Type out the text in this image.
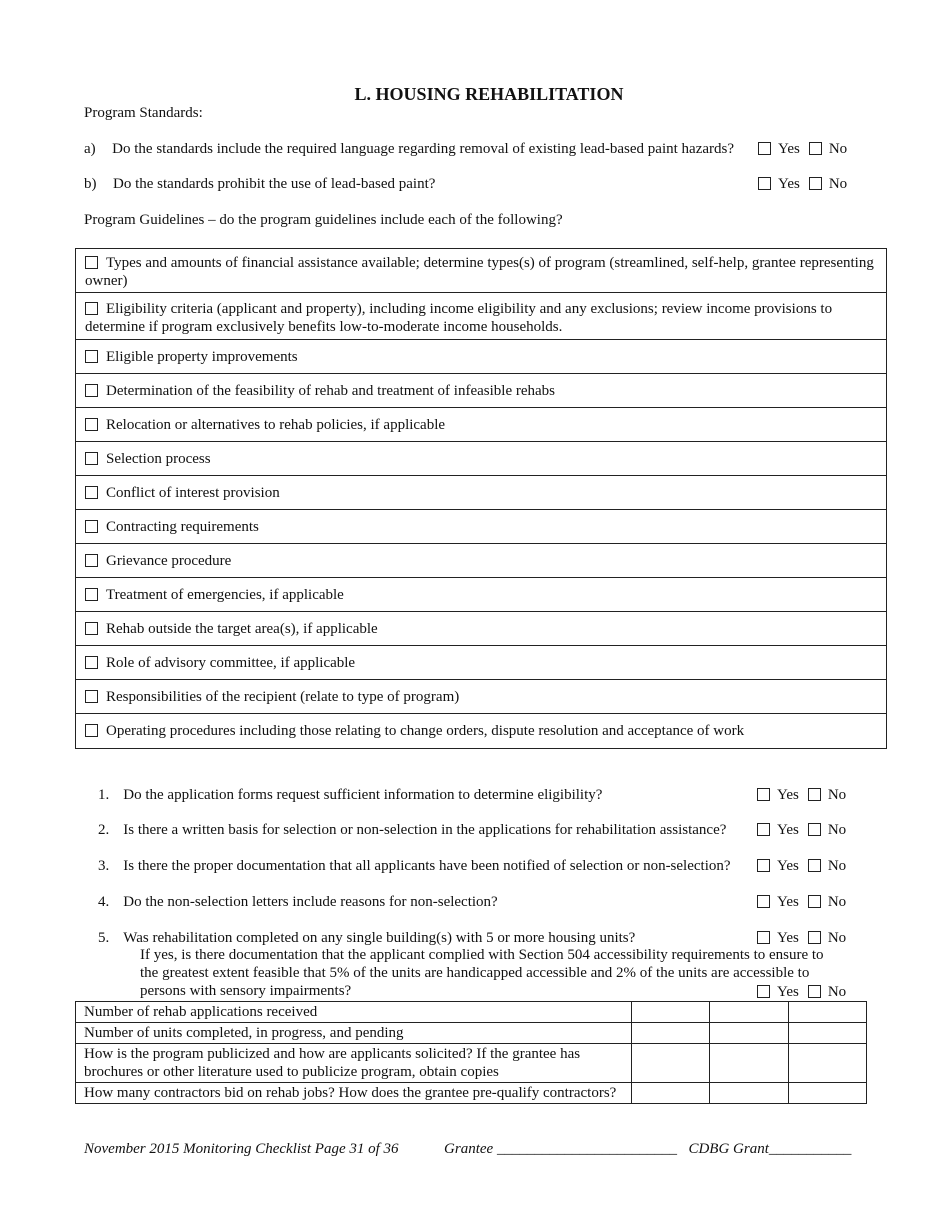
L. HOUSING REHABILITATION
Program Standards:
a) Do the standards include the required language regarding removal of existing lead-based paint hazards?	Yes No
b) Do the standards prohibit the use of lead-based paint?	Yes No
Program Guidelines – do the program guidelines include each of the following?
Types and amounts of financial assistance available; determine types(s) of program (streamlined, self-help, grantee representing owner)
Eligibility criteria (applicant and property), including income eligibility and any exclusions; review income provisions to determine if program exclusively benefits low-to-moderate income households.
Eligible property improvements
Determination of the feasibility of rehab and treatment of infeasible rehabs
Relocation or alternatives to rehab policies, if applicable
Selection process
Conflict of interest provision
Contracting requirements
Grievance procedure
Treatment of emergencies, if applicable
Rehab outside the target area(s), if applicable
Role of advisory committee, if applicable
Responsibilities of the recipient (relate to type of program)
Operating procedures including those relating to change orders, dispute resolution and acceptance of work
1. Do the application forms request sufficient information to determine eligibility?	Yes No
2. Is there a written basis for selection or non-selection in the applications for rehabilitation assistance?	Yes No
3. Is there the proper documentation that all applicants have been notified of selection or non-selection?	Yes No
4. Do the non-selection letters include reasons for non-selection?	Yes No
5. Was rehabilitation completed on any single building(s) with 5 or more housing units?	Yes No
If yes, is there documentation that the applicant complied with Section 504 accessibility requirements to ensure to
the greatest extent feasible that 5% of the units are handicapped accessible and 2% of the units are accessible to
persons with sensory impairments?	Yes No
Number of rehab applications received			
Number of units completed, in progress, and pending			
How is the program publicized and how are applicants solicited? If the grantee has brochures or other literature used to publicize program, obtain copies			
How many contractors bid on rehab jobs? How does the grantee pre-qualify contractors?			
November 2015 Monitoring Checklist Page 31 of 36	Grantee ________________________ CDBG Grant___________
